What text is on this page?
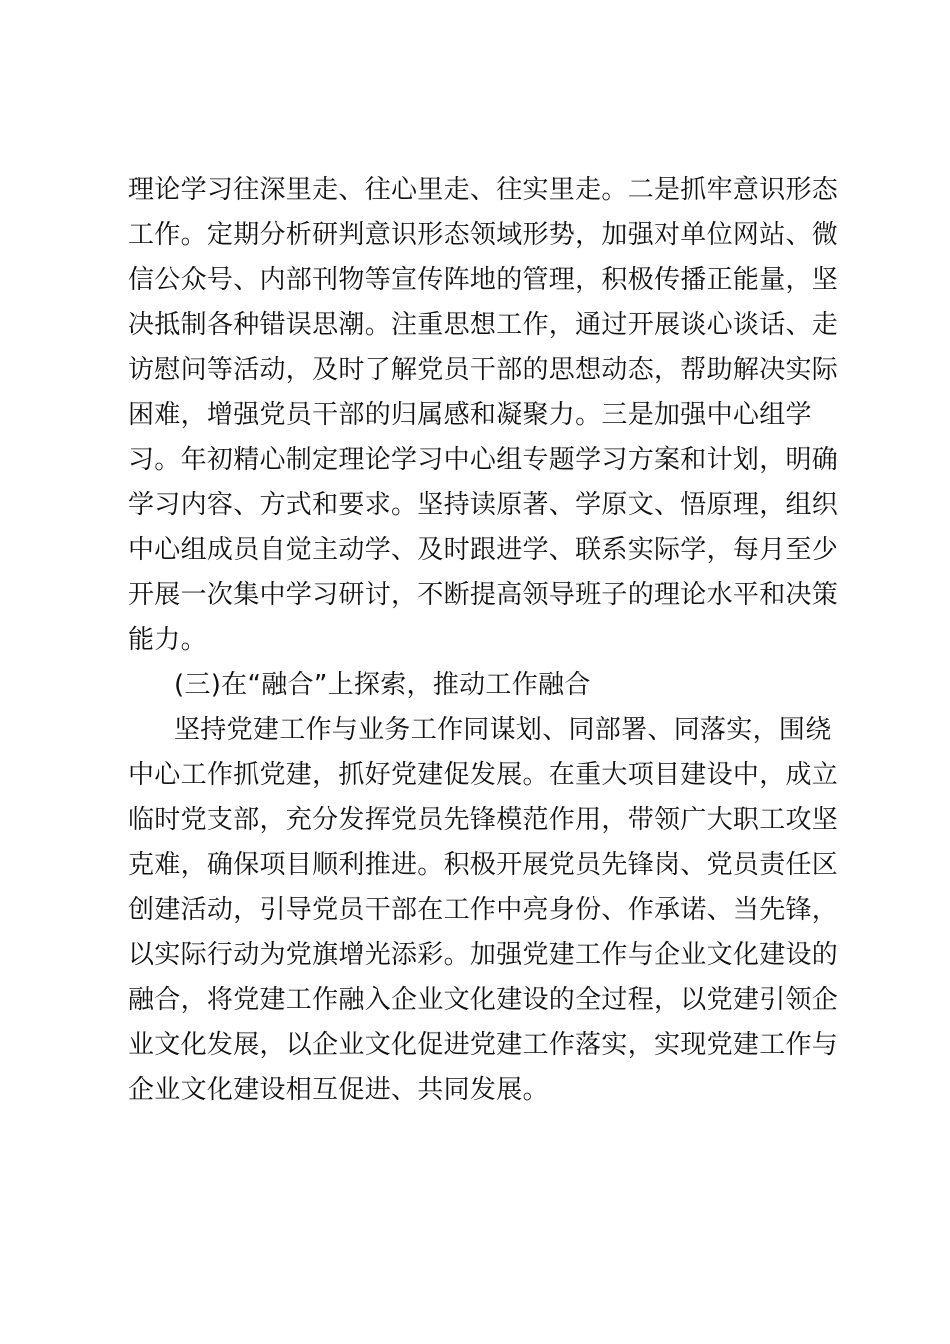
理论学习往深里走、往心里走、往实里走。二是抓牢意识形态
工作。定期分析研判意识形态领域形势，加强对单位网站、微
信公众号、内部刊物等宣传阵地的管理，积极传播正能量，坚
决抵制各种错误思潮。注重思想工作，通过开展谈心谈话、走
访慰问等活动，及时了解党员干部的思想动态，帮助解决实际
困难，增强党员干部的归属感和凝聚力。三是加强中心组学
习。年初精心制定理论学习中心组专题学习方案和计划，明确
学习内容、方式和要求。坚持读原著、学原文、悟原理，组织
中心组成员自觉主动学、及时跟进学、联系实际学，每月至少
开展一次集中学习研讨，不断提高领导班子的理论水平和决策
能力。
(三)在“融合”上探索，推动工作融合
坚持党建工作与业务工作同谋划、同部署、同落实，围绕
中心工作抓党建，抓好党建促发展。在重大项目建设中，成立
临时党支部，充分发挥党员先锋模范作用，带领广大职工攻坚
克难，确保项目顺利推进。积极开展党员先锋岗、党员责任区
创建活动，引导党员干部在工作中亮身份、作承诺、当先锋，
以实际行动为党旗增光添彩。加强党建工作与企业文化建设的
融合，将党建工作融入企业文化建设的全过程，以党建引领企
业文化发展，以企业文化促进党建工作落实，实现党建工作与
企业文化建设相互促进、共同发展。
